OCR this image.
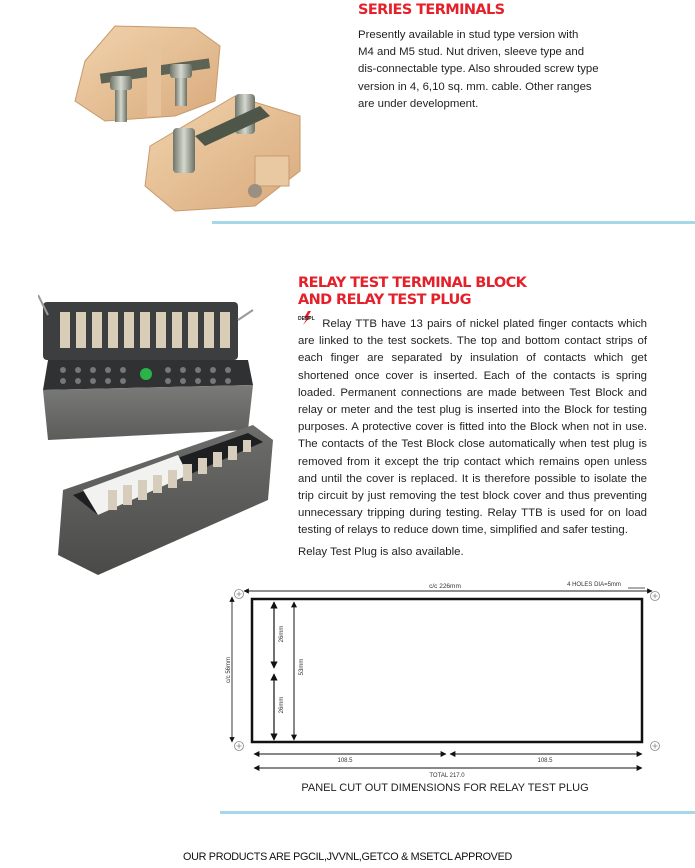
SERIES TERMINALS

Presently available in stud type version with

M4 and M5 stud. Nut driven, sleeve type and

dis-connectable type. Also shrouded screw type

version in 4, 6,10 sq. mm. cable. Other ranges

are under development.

RELAY TEST TERMINAL BLOCK
AND RELAY TEST PLUG

DEEPL Relay TTB have 13 pairs of nickel plated finger contacts which are linked to the test sockets. The top and bottom contact strips of each finger are separated by insulation of contacts which get shortened once cover is inserted. Each of the contacts is spring loaded. Permanent connections are made between Test Block and relay or meter and the test plug is inserted into the Block for testing purposes. A protective cover is fitted into the Block when not in use. The contacts of the Test Block close automatically when test plug is removed from it except the trip contact which remains open unless and until the cover is replaced. It is therefore possible to isolate the trip circuit by just removing the test block cover and thus preventing unnecessary tripping during testing. Relay TTB is used for on load testing of relays to reduce down time, simplified and safer testing.

Relay Test Plug is also available.

c/c 226mm	4 HOLES DIA=5mm
c/c 56mm
26mm
26mm
53mm
108.5	108.5
TOTAL 217.0
PANEL CUT OUT DIMENSIONS FOR RELAY TEST PLUG
OUR PRODUCTS ARE PGCIL,JVVNL,GETCO & MSETCL APPROVED
